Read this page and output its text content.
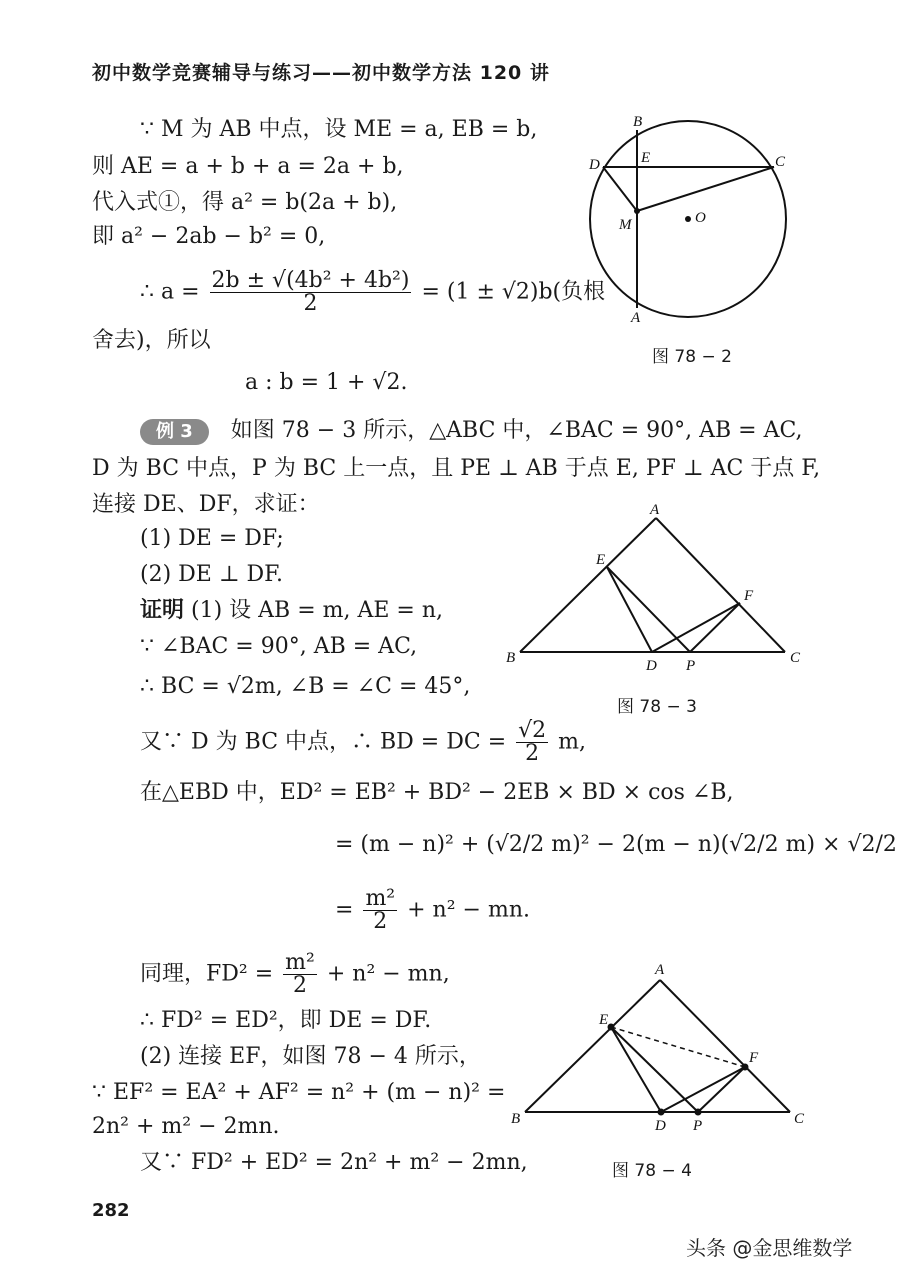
初中数学竞赛辅导与练习——初中数学方法 120 讲
∵ M 为 AB 中点，设 ME = a, EB = b,
则 AE = a + b + a = 2a + b,
代入式①，得 a² = b(2a + b),
即 a² − 2ab − b² = 0,
∴ $a = \frac{\text{2b ± √(4b² + 4b²)}}{2} = (1 \pm √2)b$(负根
舍去)，所以
a : b = 1 + √2.
B
D	E	C
M	O
A
图 78 − 2
例 3 如图 78 − 3 所示，△ABC 中，∠BAC = 90°, AB = AC,
D 为 BC 中点，P 为 BC 上一点，且 PE ⊥ AB 于点 E, PF ⊥ AC 于点 F,
连接 DE、DF，求证：
(1) DE = DF;
(2) DE ⊥ DF.
证明 (1) 设 AB = m, AE = n,
∵ ∠BAC = 90°, AB = AC,
∴ BC = √2m, ∠B = ∠C = 45°,
又∵ D 为 BC 中点，∴ BD = DC = $\frac{√2}{2} m$,
在△EBD 中，ED² = EB² + BD² − 2EB × BD × cos ∠B,
= (m − n)² + (√2/2 m)² − 2(m − n)(√2/2 m) × √2/2
= $\frac{\text{m²}}{2} + n^2$ − mn.
同理，$FD^2 = \frac{\text{m²}}{2} + n^2$ − mn,
∴ FD² = ED²，即 DE = DF.
(2) 连接 EF，如图 78 − 4 所示，
∵ EF² = EA² + AF² = n² + (m − n)² =
2n² + m² − 2mn.
又∵ FD² + ED² = 2n² + m² − 2mn,
A
E
F
B	D P	C
图 78 − 3
A
E
F
B	D P	C
图 78 − 4
282
头条 @金思维数学
